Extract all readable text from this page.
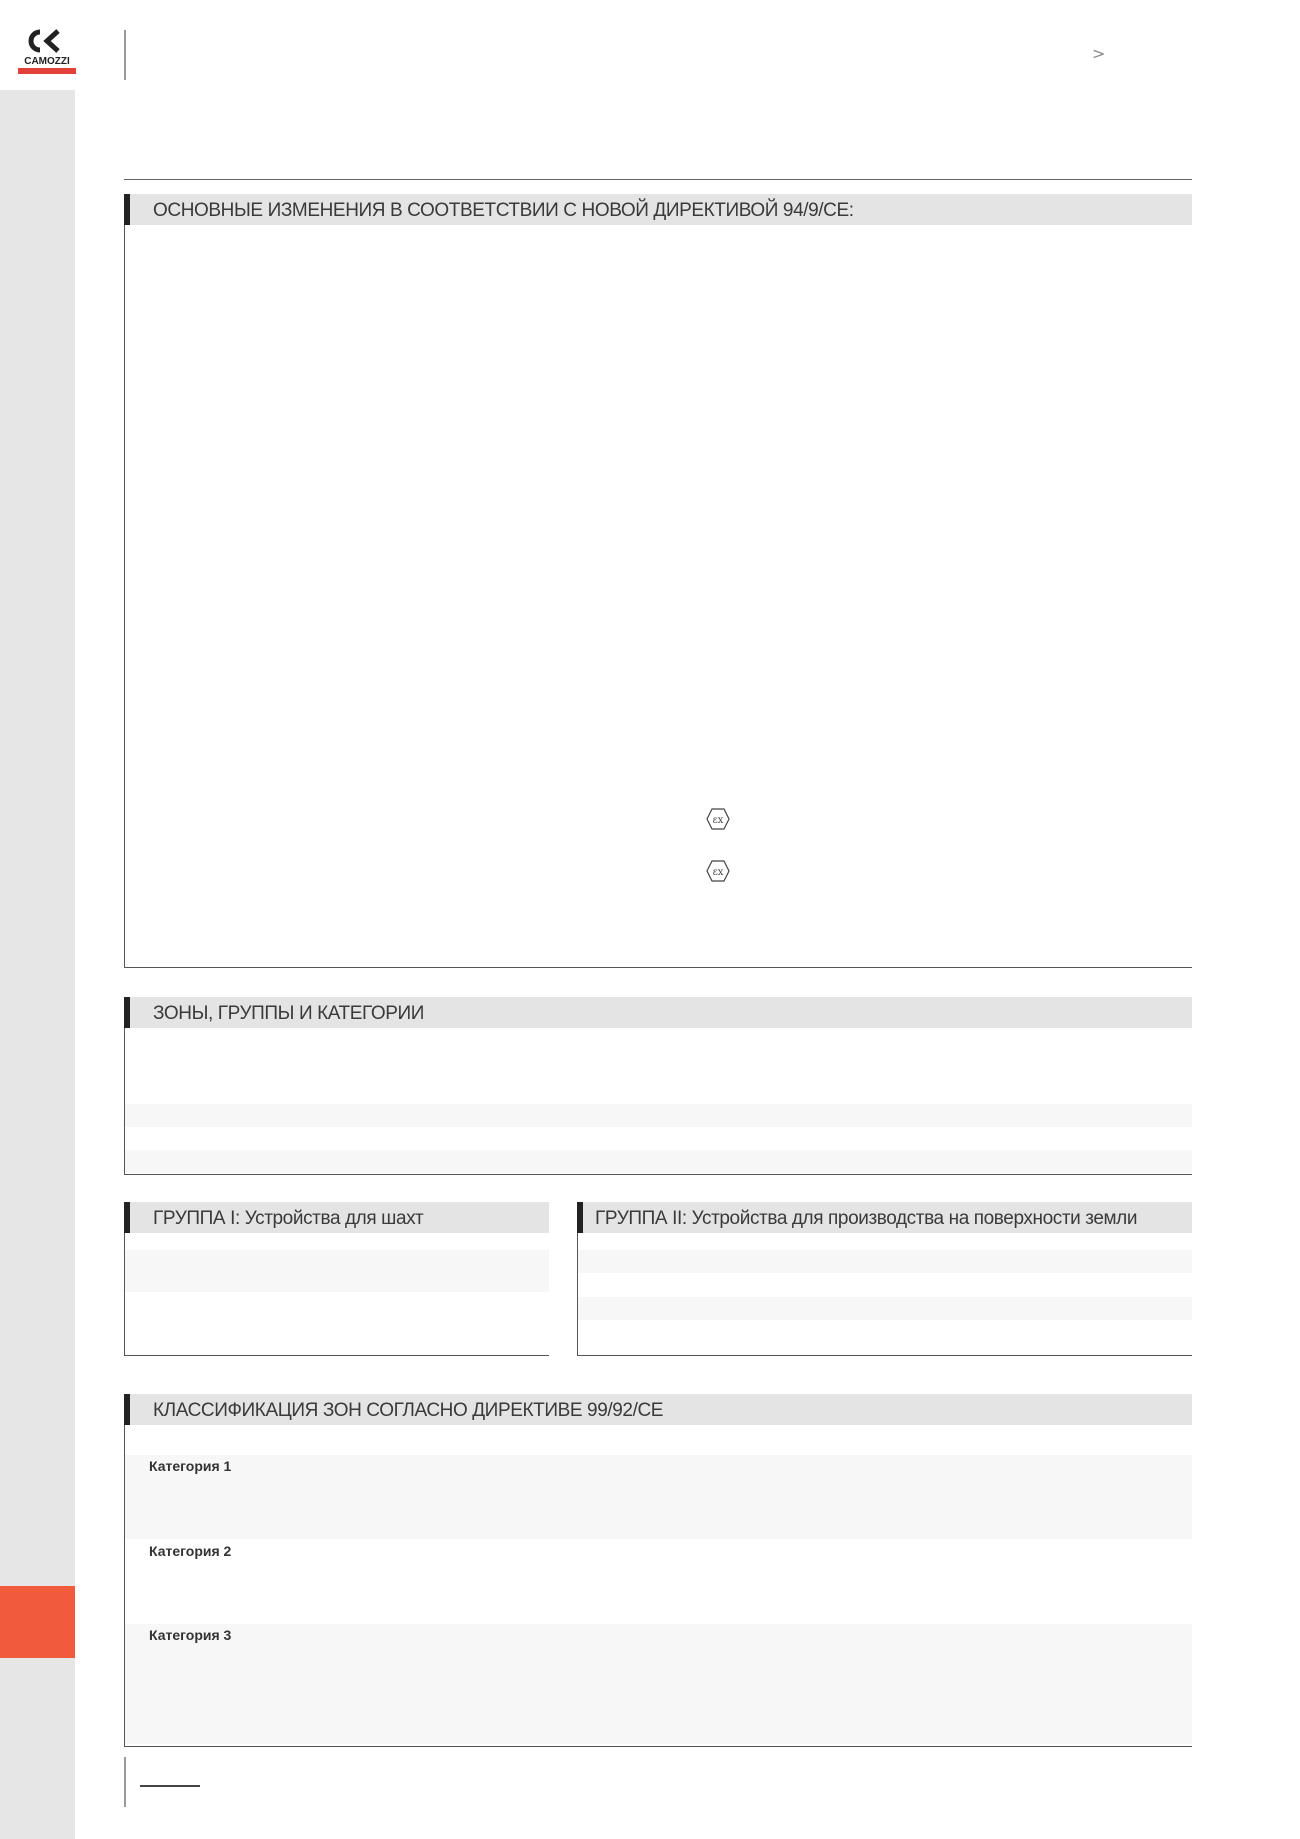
CAMOZZI	>
ОСНОВНЫЕ ИЗМЕНЕНИЯ В СООТВЕТСТВИИ С НОВОЙ ДИРЕКТИВОЙ 94/9/CE:
εx
εx
ЗОНЫ, ГРУППЫ И КАТЕГОРИИ
ГРУППА I: Устройства для шахт	ГРУППА II: Устройства для производства на поверхности земли
КЛАССИФИКАЦИЯ ЗОН СОГЛАСНО ДИРЕКТИВЕ 99/92/CE
Категория 1
Категория 2
Категория 3
